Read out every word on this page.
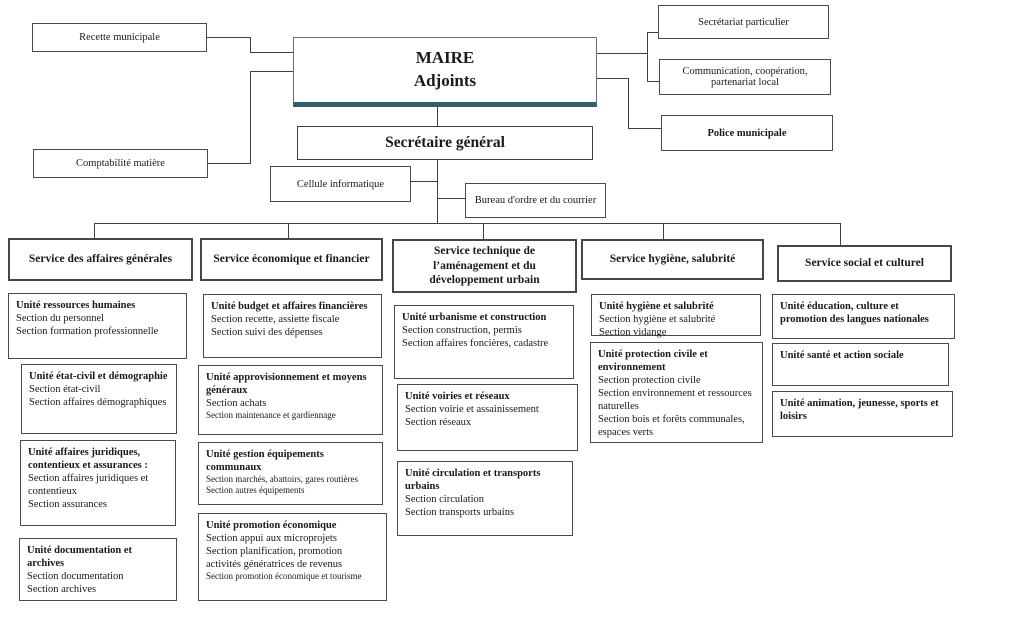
Recette municipale
Comptabilité matière
MAIRE
Adjoints
Secrétariat particulier
Communication, coopération, partenariat local
Police municipale
Secrétaire général
Cellule informatique
Bureau d'ordre et du courrier
Service des affaires générales	Service économique et financier
Service technique de l’aménagement et du développement urbain
Service hygiène, salubrité	Service social et culturel
Unité ressources humaines
Section du personnel
Section formation professionnelle
Unité état-civil et démographie
Section état-civil
Section affaires démographiques
Unité affaires juridiques, contentieux et assurances :
Section affaires juridiques et contentieux
Section assurances
Unité documentation et archives
Section documentation
Section archives
Unité budget et affaires financières
Section recette, assiette fiscale
Section suivi des dépenses
Unité approvisionnement et moyens généraux
Section achats
Section maintenance et gardiennage
Unité gestion équipements communaux
Section marchés, abattoirs, gares routières
Section autres équipements
Unité promotion économique
Section appui aux microprojets
Section planification, promotion activités génératrices de revenus
Section promotion économique et tourisme
Unité urbanisme et construction
Section construction, permis
Section affaires foncières, cadastre
Unité voiries et réseaux
Section voirie et assainissement
Section réseaux
Unité circulation et transports urbains
Section circulation
Section transports urbains
Unité hygiène et salubrité
Section hygiène et salubrité
Section vidange
Unité protection civile et environnement
Section protection civile
Section environnement et ressources naturelles
Section bois et forêts communales, espaces verts
Unité éducation, culture et promotion des langues nationales
Unité santé et action sociale
Unité animation, jeunesse, sports et loisirs
